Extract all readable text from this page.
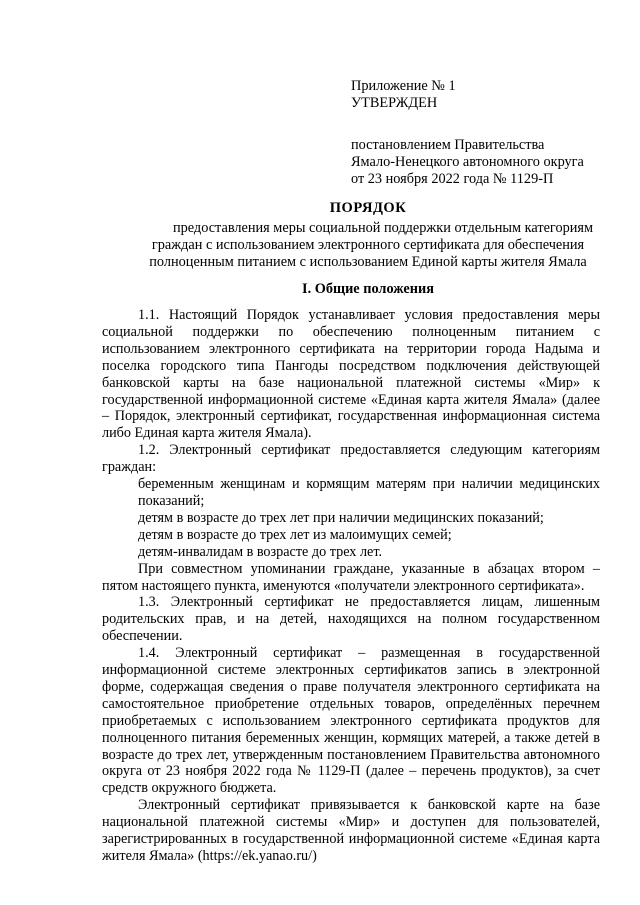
Приложение № 1
УТВЕРЖДЕН
постановлением Правительства
Ямало-Ненецкого автономного округа
от 23 ноября 2022 года № 1129-П
ПОРЯДОК
предоставления меры социальной поддержки отдельным категориям
граждан с использованием электронного сертификата для обеспечения
полноценным питанием с использованием Единой карты жителя Ямала
I. Общие положения

1.1. Настоящий Порядок устанавливает условия предоставления меры социальной поддержки по обеспечению полноценным питанием с использованием электронного сертификата на территории города Надыма и поселка городского типа Пангоды посредством подключения действующей банковской карты на базе национальной платежной системы «Мир» к государственной информационной системе «Единая карта жителя Ямала» (далее – Порядок, электронный сертификат, государственная информационная система либо Единая карта жителя Ямала).

1.2. Электронный сертификат предоставляется следующим категориям граждан:

беременным женщинам и кормящим матерям при наличии медицинских показаний;

детям в возрасте до трех лет при наличии медицинских показаний;

детям в возрасте до трех лет из малоимущих семей;

детям-инвалидам в возрасте до трех лет.

При совместном упоминании граждане, указанные в абзацах втором – пятом настоящего пункта, именуются «получатели электронного сертификата».

1.3. Электронный сертификат не предоставляется лицам, лишенным родительских прав, и на детей, находящихся на полном государственном обеспечении.

1.4. Электронный сертификат – размещенная в государственной информационной системе электронных сертификатов запись в электронной форме, содержащая сведения о праве получателя электронного сертификата на самостоятельное приобретение отдельных товаров, определённых перечнем приобретаемых с использованием электронного сертификата продуктов для полноценного питания беременных женщин, кормящих матерей, а также детей в возрасте до трех лет, утвержденным постановлением Правительства автономного округа от 23 ноября 2022 года № 1129-П (далее – перечень продуктов), за счет средств окружного бюджета.

Электронный сертификат привязывается к банковской карте на базе национальной платежной системы «Мир» и доступен для пользователей, зарегистрированных в государственной информационной системе «Единая карта жителя Ямала» (https://ek.yanao.ru/)
